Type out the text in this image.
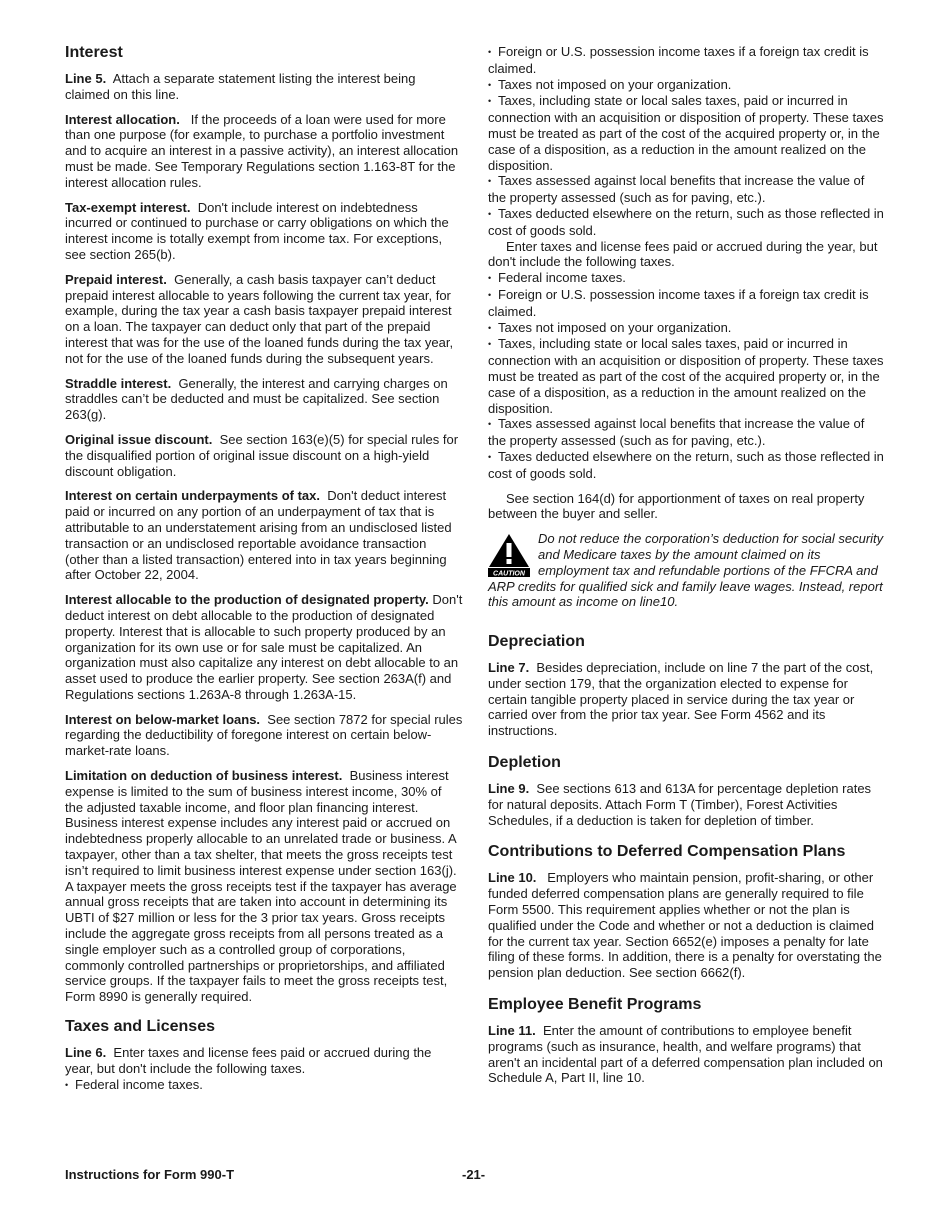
Interest

Line 5. Attach a separate statement listing the interest being claimed on this line.

Interest allocation. If the proceeds of a loan were used for more than one purpose (for example, to purchase a portfolio investment and to acquire an interest in a passive activity), an interest allocation must be made. See Temporary Regulations section 1.163-8T for the interest allocation rules.

Tax-exempt interest. Don't include interest on indebtedness incurred or continued to purchase or carry obligations on which the interest income is totally exempt from income tax. For exceptions, see section 265(b).

Prepaid interest. Generally, a cash basis taxpayer can’t deduct prepaid interest allocable to years following the current tax year, for example, during the tax year a cash basis taxpayer prepaid interest on a loan. The taxpayer can deduct only that part of the prepaid interest that was for the use of the loaned funds during the tax year, not for the use of the loaned funds during the subsequent years.

Straddle interest. Generally, the interest and carrying charges on straddles can’t be deducted and must be capitalized. See section 263(g).

Original issue discount. See section 163(e)(5) for special rules for the disqualified portion of original issue discount on a high-yield discount obligation.

Interest on certain underpayments of tax. Don't deduct interest paid or incurred on any portion of an underpayment of tax that is attributable to an understatement arising from an undisclosed listed transaction or an undisclosed reportable avoidance transaction (other than a listed transaction) entered into in tax years beginning after October 22, 2004.

Interest allocable to the production of designated property. Don't deduct interest on debt allocable to the production of designated property. Interest that is allocable to such property produced by an organization for its own use or for sale must be capitalized. An organization must also capitalize any interest on debt allocable to an asset used to produce the earlier property. See section 263A(f) and Regulations sections 1.263A-8 through 1.263A-15.

Interest on below-market loans. See section 7872 for special rules regarding the deductibility of foregone interest on certain below-market-rate loans.

Limitation on deduction of business interest. Business interest expense is limited to the sum of business interest income, 30% of the adjusted taxable income, and floor plan financing interest. Business interest expense includes any interest paid or accrued on indebtedness properly allocable to an unrelated trade or business. A taxpayer, other than a tax shelter, that meets the gross receipts test isn’t required to limit business interest expense under section 163(j). A taxpayer meets the gross receipts test if the taxpayer has average annual gross receipts that are taken into account in determining its UBTI of $27 million or less for the 3 prior tax years. Gross receipts include the aggregate gross receipts from all persons treated as a single employer such as a controlled group of corporations, commonly controlled partnerships or proprietorships, and affiliated service groups. If the taxpayer fails to meet the gross receipts test, Form 8990 is generally required.

Taxes and Licenses

Line 6. Enter taxes and license fees paid or accrued during the year, but don't include the following taxes.

• Federal income taxes.
• Foreign or U.S. possession income taxes if a foreign tax credit is claimed.
• Taxes not imposed on your organization.
• Taxes, including state or local sales taxes, paid or incurred in connection with an acquisition or disposition of property. These taxes must be treated as part of the cost of the acquired property or, in the case of a disposition, as a reduction in the amount realized on the disposition.
• Taxes assessed against local benefits that increase the value of the property assessed (such as for paving, etc.).
• Taxes deducted elsewhere on the return, such as those reflected in cost of goods sold.

Enter taxes and license fees paid or accrued during the year, but don't include the following taxes.

• Federal income taxes.
• Foreign or U.S. possession income taxes if a foreign tax credit is claimed.
• Taxes not imposed on your organization.
• Taxes, including state or local sales taxes, paid or incurred in connection with an acquisition or disposition of property. These taxes must be treated as part of the cost of the acquired property or, in the case of a disposition, as a reduction in the amount realized on the disposition.
• Taxes assessed against local benefits that increase the value of the property assessed (such as for paving, etc.).
• Taxes deducted elsewhere on the return, such as those reflected in cost of goods sold.

See section 164(d) for apportionment of taxes on real property between the buyer and seller.

CAUTION
Do not reduce the corporation’s deduction for social security and Medicare taxes by the amount claimed on its employment tax and refundable portions of the FFCRA and ARP credits for qualified sick and family leave wages. Instead, report this amount as income on line10.
Depreciation

Line 7. Besides depreciation, include on line 7 the part of the cost, under section 179, that the organization elected to expense for certain tangible property placed in service during the tax year or carried over from the prior tax year. See Form 4562 and its instructions.

Depletion

Line 9. See sections 613 and 613A for percentage depletion rates for natural deposits. Attach Form T (Timber), Forest Activities Schedules, if a deduction is taken for depletion of timber.

Contributions to Deferred Compensation Plans

Line 10. Employers who maintain pension, profit-sharing, or other funded deferred compensation plans are generally required to file Form 5500. This requirement applies whether or not the plan is qualified under the Code and whether or not a deduction is claimed for the current tax year. Section 6652(e) imposes a penalty for late filing of these forms. In addition, there is a penalty for overstating the pension plan deduction. See section 6662(f).

Employee Benefit Programs

Line 11. Enter the amount of contributions to employee benefit programs (such as insurance, health, and welfare programs) that aren't an incidental part of a deferred compensation plan included on Schedule A, Part II, line 10.

Instructions for Form 990-T	-21-
